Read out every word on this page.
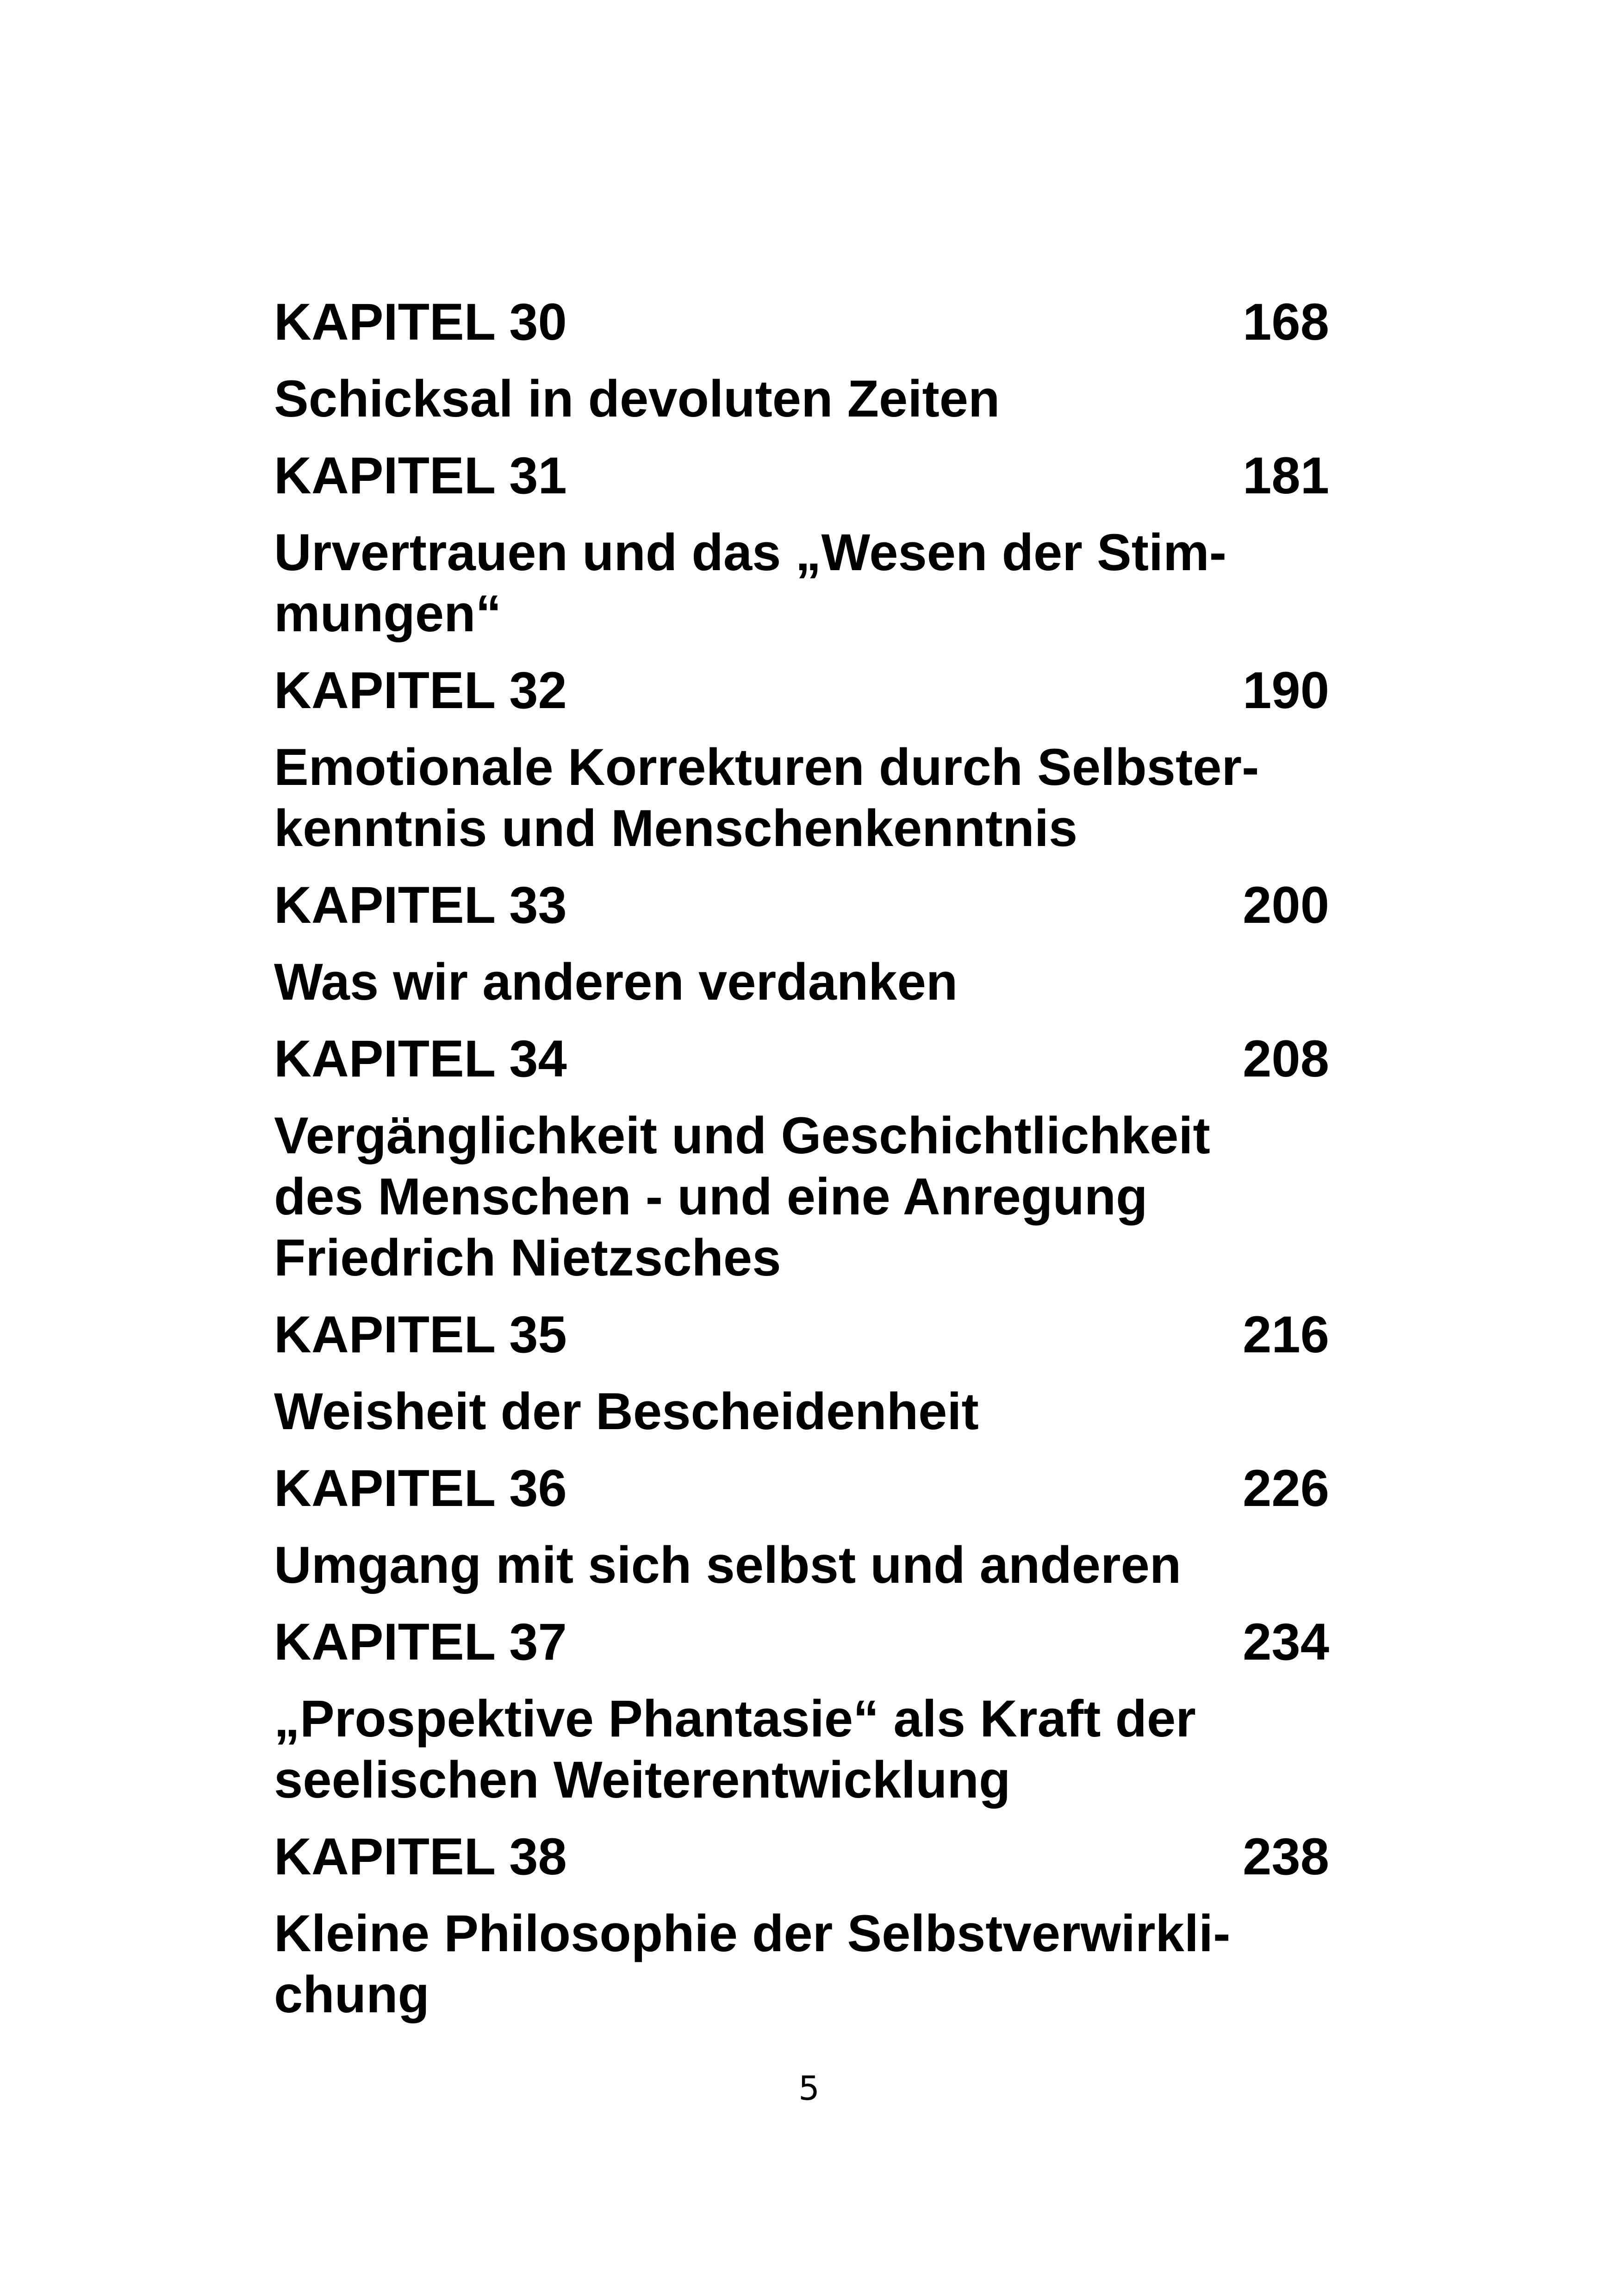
KAPITEL 30	168
Schicksal in devoluten Zeiten
KAPITEL 31	181
Urvertrauen und das „Wesen der Stim-
mungen“
KAPITEL 32	190
Emotionale Korrekturen durch Selbster-
kenntnis und Menschenkenntnis
KAPITEL 33	200
Was wir anderen verdanken
KAPITEL 34	208
Vergänglichkeit und Geschichtlichkeit
des Menschen - und eine Anregung
Friedrich Nietzsches
KAPITEL 35	216
Weisheit der Bescheidenheit
KAPITEL 36	226
Umgang mit sich selbst und anderen
KAPITEL 37	234
„Prospektive Phantasie“ als Kraft der
seelischen Weiterentwicklung
KAPITEL 38	238
Kleine Philosophie der Selbstverwirkli-
chung
5
